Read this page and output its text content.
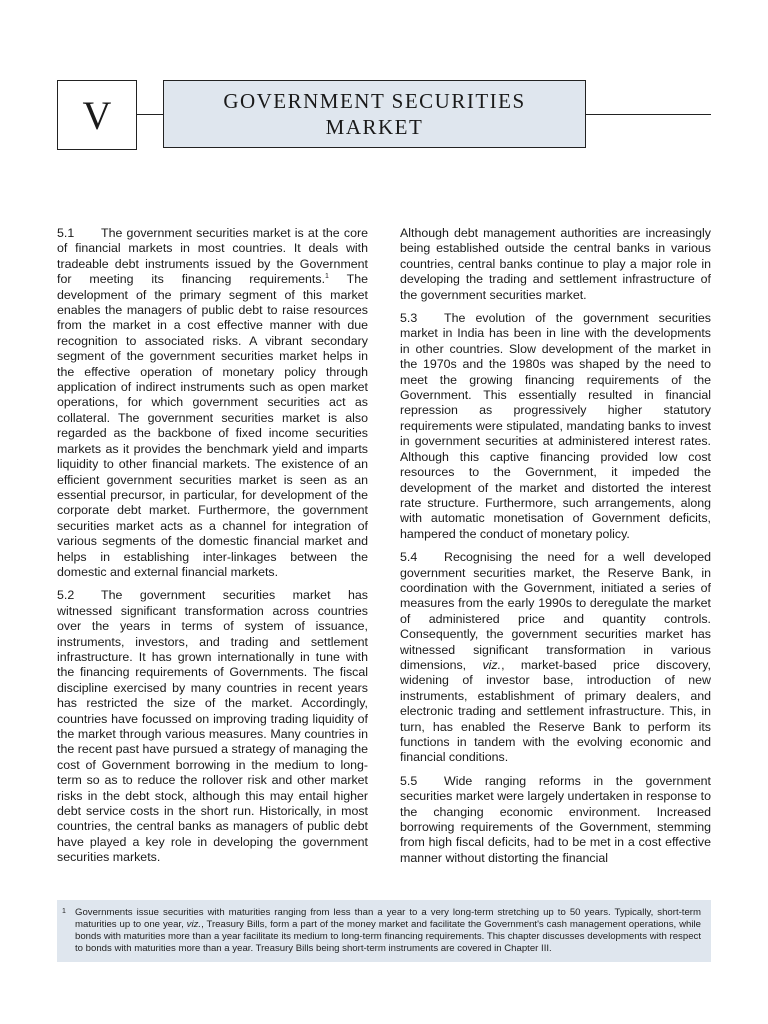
V	GOVERNMENT SECURITIES
MARKET

5.1 The government securities market is at the core of financial markets in most countries. It deals with tradeable debt instruments issued by the Government for meeting its financing requirements.$^1$ The development of the primary segment of this market enables the managers of public debt to raise resources from the market in a cost effective manner with due recognition to associated risks. A vibrant secondary segment of the government securities market helps in the effective operation of monetary policy through application of indirect instruments such as open market operations, for which government securities act as collateral. The government securities market is also regarded as the backbone of fixed income securities markets as it provides the benchmark yield and imparts liquidity to other financial markets. The existence of an efficient government securities market is seen as an essential precursor, in particular, for development of the corporate debt market. Furthermore, the government securities market acts as a channel for integration of various segments of the domestic financial market and helps in establishing inter-linkages between the domestic and external financial markets.

5.2 The government securities market has witnessed significant transformation across countries over the years in terms of system of issuance, instruments, investors, and trading and settlement infrastructure. It has grown internationally in tune with the financing requirements of Governments. The fiscal discipline exercised by many countries in recent years has restricted the size of the market. Accordingly, countries have focussed on improving trading liquidity of the market through various measures. Many countries in the recent past have pursued a strategy of managing the cost of Government borrowing in the medium to long-term so as to reduce the rollover risk and other market risks in the debt stock, although this may entail higher debt service costs in the short run. Historically, in most countries, the central banks as managers of public debt have played a key role in developing the government securities markets.

Although debt management authorities are increasingly being established outside the central banks in various countries, central banks continue to play a major role in developing the trading and settlement infrastructure of the government securities market.

5.3 The evolution of the government securities market in India has been in line with the developments in other countries. Slow development of the market in the 1970s and the 1980s was shaped by the need to meet the growing financing requirements of the Government. This essentially resulted in financial repression as progressively higher statutory requirements were stipulated, mandating banks to invest in government securities at administered interest rates. Although this captive financing provided low cost resources to the Government, it impeded the development of the market and distorted the interest rate structure. Furthermore, such arrangements, along with automatic monetisation of Government deficits, hampered the conduct of monetary policy.

5.4 Recognising the need for a well developed government securities market, the Reserve Bank, in coordination with the Government, initiated a series of measures from the early 1990s to deregulate the market of administered price and quantity controls. Consequently, the government securities market has witnessed significant transformation in various dimensions, viz., market-based price discovery, widening of investor base, introduction of new instruments, establishment of primary dealers, and electronic trading and settlement infrastructure. This, in turn, has enabled the Reserve Bank to perform its functions in tandem with the evolving economic and financial conditions.

5.5 Wide ranging reforms in the government securities market were largely undertaken in response to the changing economic environment. Increased borrowing requirements of the Government, stemming from high fiscal deficits, had to be met in a cost effective manner without distorting the financial

1 Governments issue securities with maturities ranging from less than a year to a very long-term stretching up to 50 years. Typically, short-term maturities up to one year, viz., Treasury Bills, form a part of the money market and facilitate the Government's cash management operations, while bonds with maturities more than a year facilitate its medium to long-term financing requirements. This chapter discusses developments with respect to bonds with maturities more than a year. Treasury Bills being short-term instruments are covered in Chapter III.
